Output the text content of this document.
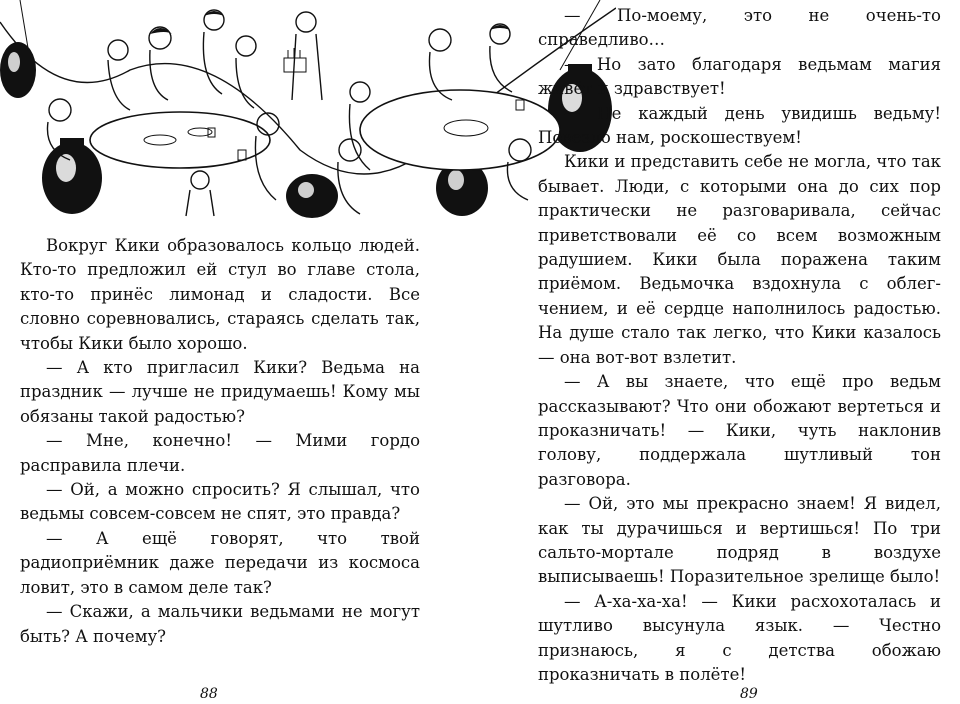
Вокруг Кики образовалось кольцо людей. Кто-то предложил ей стул во главе стола, кто-то принёс лимонад и сладости. Все словно соревновались, стараясь сделать так, чтобы Кики было хорошо.

— А кто пригласил Кики? Ведьма на праздник — лучше не придумаешь! Кому мы обязаны такой радостью?

— Мне, конечно! — Мими гордо расправила плечи.

— Ой, а можно спросить? Я слышал, что ведьмы совсем-совсем не спят, это правда?

— А ещё говорят, что твой радиоприёмник даже передачи из космоса ловит, это в самом деле так?

— Скажи, а мальчики ведьмами не могут быть? А почему?

88

— По-моему, это не очень-то справедливо…

— Но зато благодаря ведьмам магия живёт и здравствует!

— Не каждый день увидишь ведьму! Повезло нам, роскошествуем!

Кики и представить себе не могла, что так бывает. Люди, с которыми она до сих пор практически не разговаривала, сейчас приветствовали её со всем возможным радушием. Кики была поражена таким приёмом. Ведьмочка вздохнула с облегчением, и её сердце наполнилось радостью. На душе стало так легко, что Кики казалось — она вот-вот взлетит.

— А вы знаете, что ещё про ведьм рассказывают? Что они обожают вертеться и проказничать! — Кики, чуть наклонив голову, поддержала шутливый тон разговора.

— Ой, это мы прекрасно знаем! Я видел, как ты дурачишься и вертишься! По три сальто-мортале подряд в воздухе выписываешь! Поразительное зрелище было!

— А-ха-ха-ха! — Кики расхохоталась и шутливо высунула язык. — Честно признаюсь, я с детства обожаю проказничать в полёте!

89
